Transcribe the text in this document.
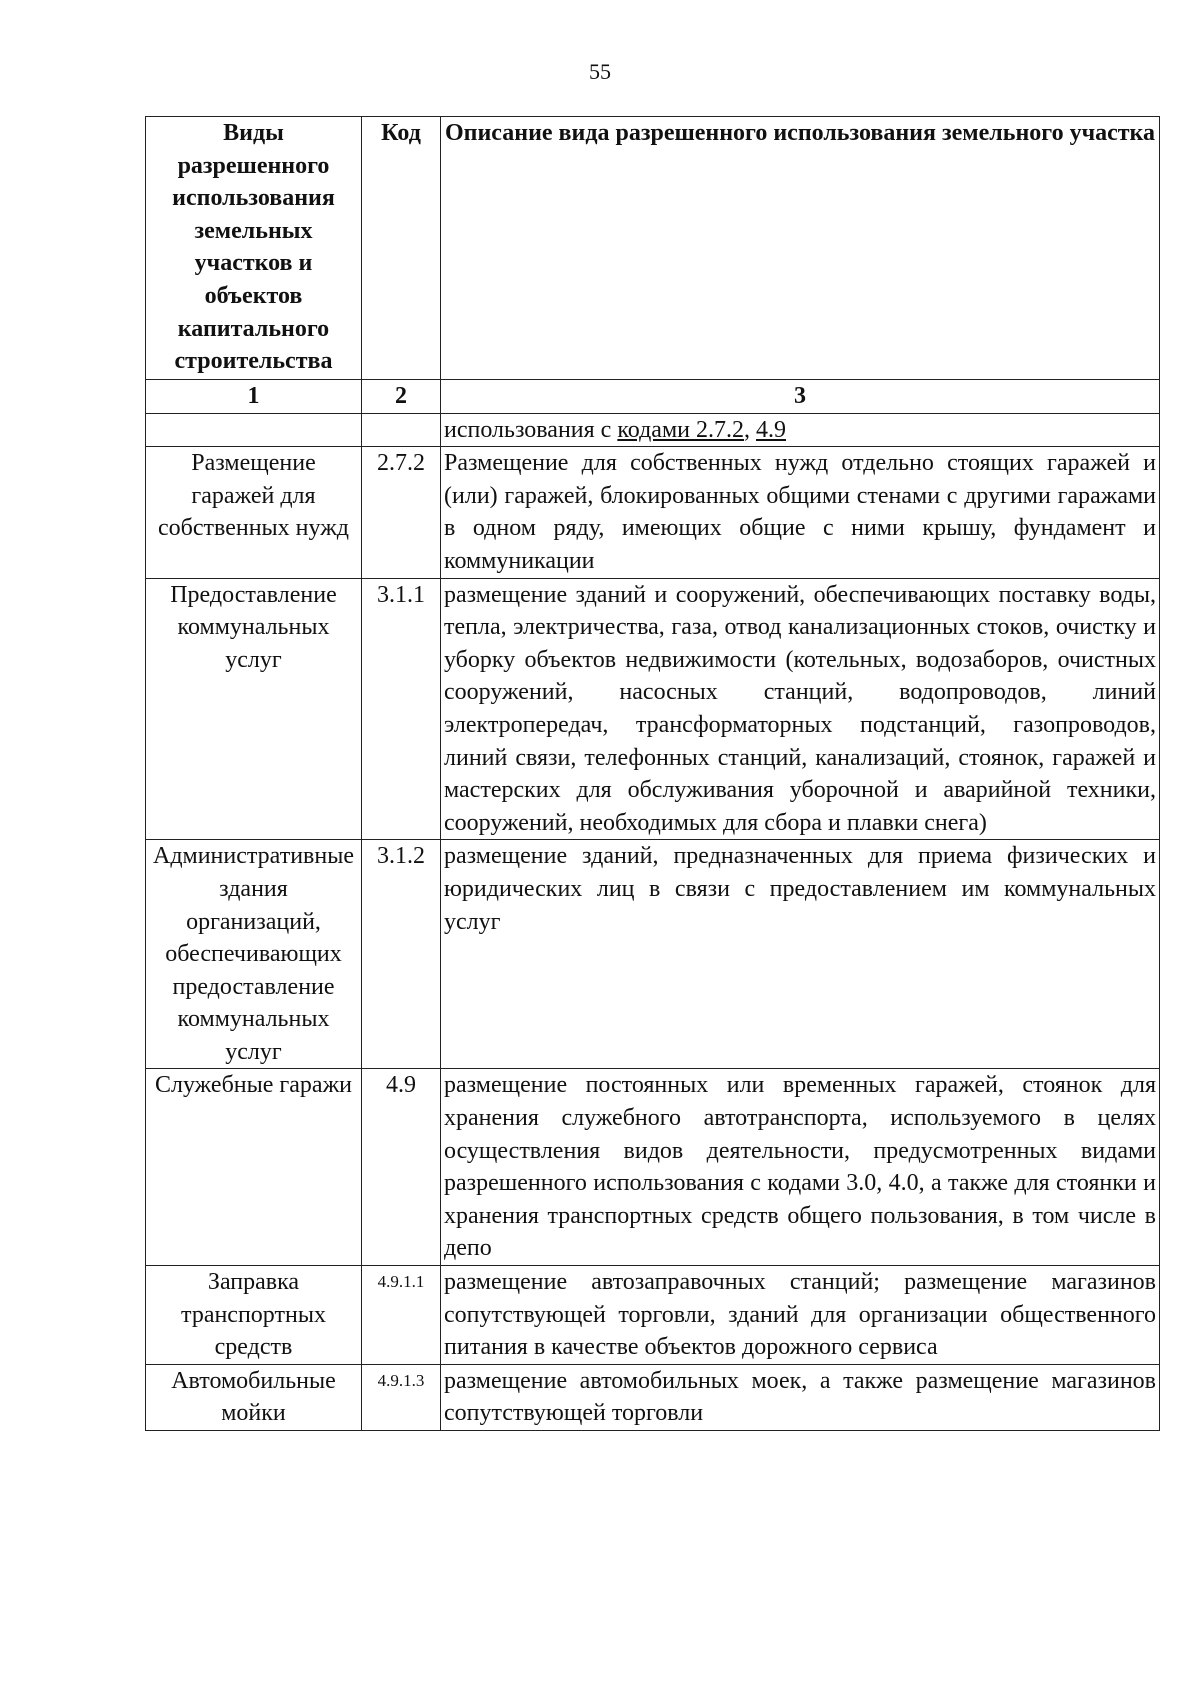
55
Виды разрешенного использования земельных участков и объектов капитального строительства	Код	Описание вида разрешенного использования земельного участка
1	2	3
		использования с кодами 2.7.2, 4.9
Размещение гаражей для собственных нужд	2.7.2	Размещение для собственных нужд отдельно стоящих гаражей и (или) гаражей, блокированных общими стенами с другими гаражами в одном ряду, имеющих общие с ними крышу, фундамент и коммуникации
Предоставление коммунальных услуг	3.1.1	размещение зданий и сооружений, обеспечивающих поставку воды, тепла, электричества, газа, отвод канализационных стоков, очистку и уборку объектов недвижимости (котельных, водозаборов, очистных сооружений, насосных станций, водопроводов, линий электропередач, трансформаторных подстанций, газопроводов, линий связи, телефонных станций, канализаций, стоянок, гаражей и мастерских для обслуживания уборочной и аварийной техники, сооружений, необходимых для сбора и плавки снега)
Административные здания организаций, обеспечивающих предоставление коммунальных услуг	3.1.2	размещение зданий, предназначенных для приема физических и юридических лиц в связи с предоставлением им коммунальных услуг
Служебные гаражи	4.9	размещение постоянных или временных гаражей, стоянок для хранения служебного автотранспорта, используемого в целях осуществления видов деятельности, предусмотренных видами разрешенного использования с кодами 3.0, 4.0, а также для стоянки и хранения транспортных средств общего пользования, в том числе в депо
Заправка транспортных средств	4.9.1.1	размещение автозаправочных станций; размещение магазинов сопутствующей торговли, зданий для организации общественного питания в качестве объектов дорожного сервиса
Автомобильные мойки	4.9.1.3	размещение автомобильных моек, а также размещение магазинов сопутствующей торговли
